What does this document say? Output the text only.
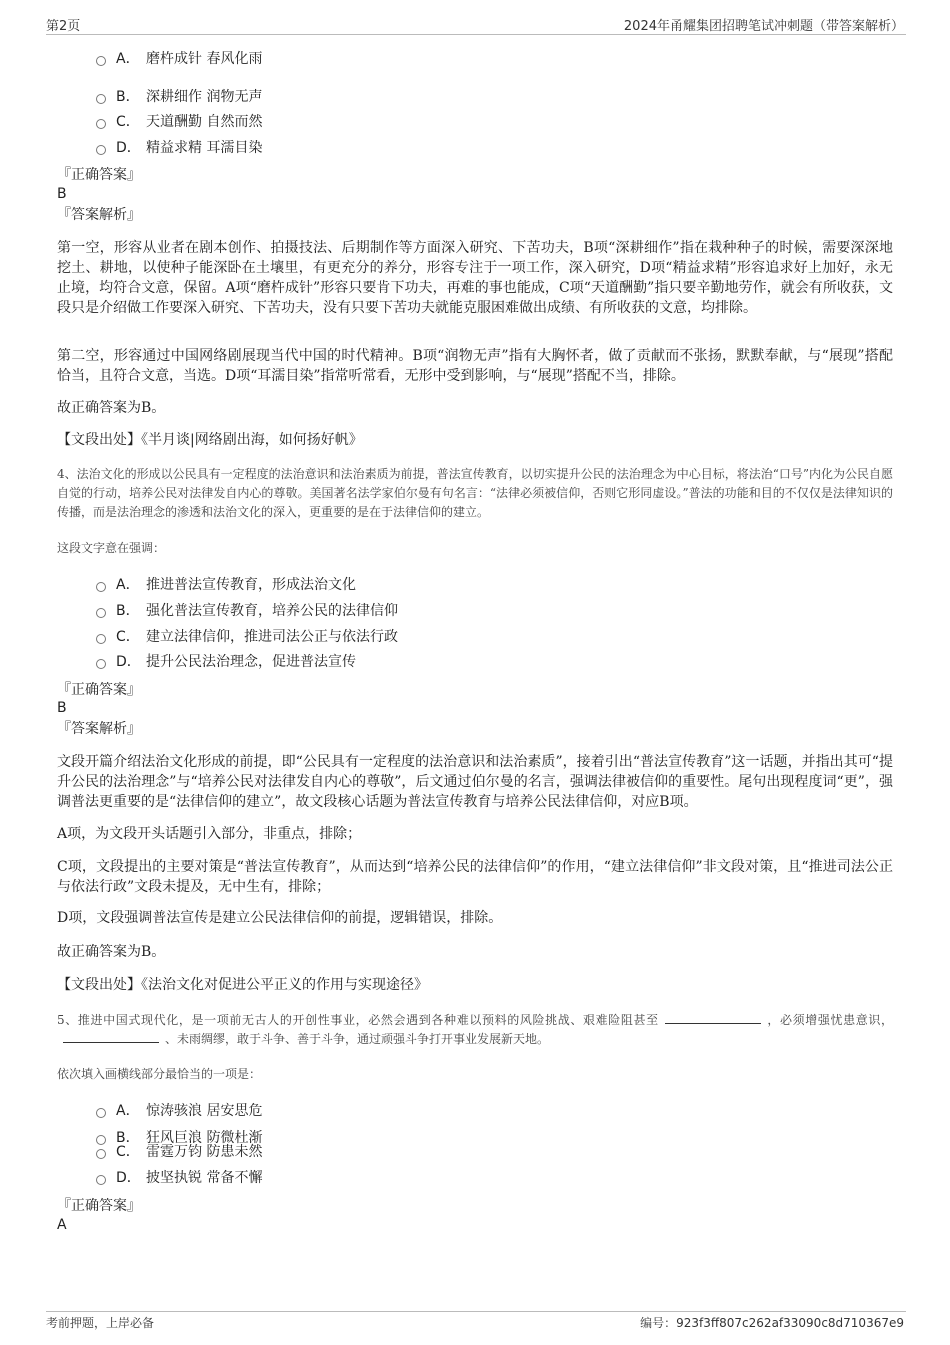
第2页	2024年甬耀集团招聘笔试冲刺题（带答案解析）
A． 磨杵成针 春风化雨
B． 深耕细作 润物无声
C． 天道酬勤 自然而然
D． 精益求精 耳濡目染
『正确答案』
B
『答案解析』
第一空，形容从业者在剧本创作、拍摄技法、后期制作等方面深入研究、下苦功夫，B项“深耕细作”指在栽种种子的时候，需要深深地挖土、耕地，以使种子能深卧在土壤里，有更充分的养分，形容专注于一项工作，深入研究，D项“精益求精”形容追求好上加好，永无止境，均符合文意，保留。A项“磨杵成针”形容只要肯下功夫，再难的事也能成，C项“天道酬勤”指只要辛勤地劳作，就会有所收获，文段只是介绍做工作要深入研究、下苦功夫，没有只要下苦功夫就能克服困难做出成绩、有所收获的文意，均排除。
第二空，形容通过中国网络剧展现当代中国的时代精神。B项“润物无声”指有大胸怀者，做了贡献而不张扬，默默奉献，与“展现”搭配恰当，且符合文意，当选。D项“耳濡目染”指常听常看，无形中受到影响，与“展现”搭配不当，排除。
故正确答案为B。
【文段出处】《半月谈|网络剧出海，如何扬好帆》
4、法治文化的形成以公民具有一定程度的法治意识和法治素质为前提，普法宣传教育，以切实提升公民的法治理念为中心目标，将法治“口号”内化为公民自愿自觉的行动，培养公民对法律发自内心的尊敬。美国著名法学家伯尔曼有句名言：“法律必须被信仰，否则它形同虚设。”普法的功能和目的不仅仅是法律知识的传播，而是法治理念的渗透和法治文化的深入，更重要的是在于法律信仰的建立。
这段文字意在强调：
A． 推进普法宣传教育，形成法治文化
B． 强化普法宣传教育，培养公民的法律信仰
C． 建立法律信仰，推进司法公正与依法行政
D． 提升公民法治理念，促进普法宣传
『正确答案』
B
『答案解析』
文段开篇介绍法治文化形成的前提，即“公民具有一定程度的法治意识和法治素质”，接着引出“普法宣传教育”这一话题，并指出其可“提升公民的法治理念”与“培养公民对法律发自内心的尊敬”，后文通过伯尔曼的名言，强调法律被信仰的重要性。尾句出现程度词“更”，强调普法更重要的是“法律信仰的建立”，故文段核心话题为普法宣传教育与培养公民法律信仰，对应B项。
A项，为文段开头话题引入部分，非重点，排除；
C项，文段提出的主要对策是“普法宣传教育”，从而达到“培养公民的法律信仰”的作用，“建立法律信仰”非文段对策，且“推进司法公正与依法行政”文段未提及，无中生有，排除；
D项，文段强调普法宣传是建立公民法律信仰的前提，逻辑错误，排除。
故正确答案为B。
【文段出处】《法治文化对促进公平正义的作用与实现途径》
5、推进中国式现代化，是一项前无古人的开创性事业，必然会遇到各种难以预料的风险挑战、艰难险阻甚至	，必须增强忧患意识，、未雨绸缪，敢于斗争、善于斗争，通过顽强斗争打开事业发展新天地。
依次填入画横线部分最恰当的一项是：
A． 惊涛骇浪 居安思危
B． 狂风巨浪 防微杜渐
C． 雷霆万钧 防患未然
D． 披坚执锐 常备不懈
『正确答案』
A
考前押题，上岸必备	编号：923f3ff807c262af33090c8d710367e9
